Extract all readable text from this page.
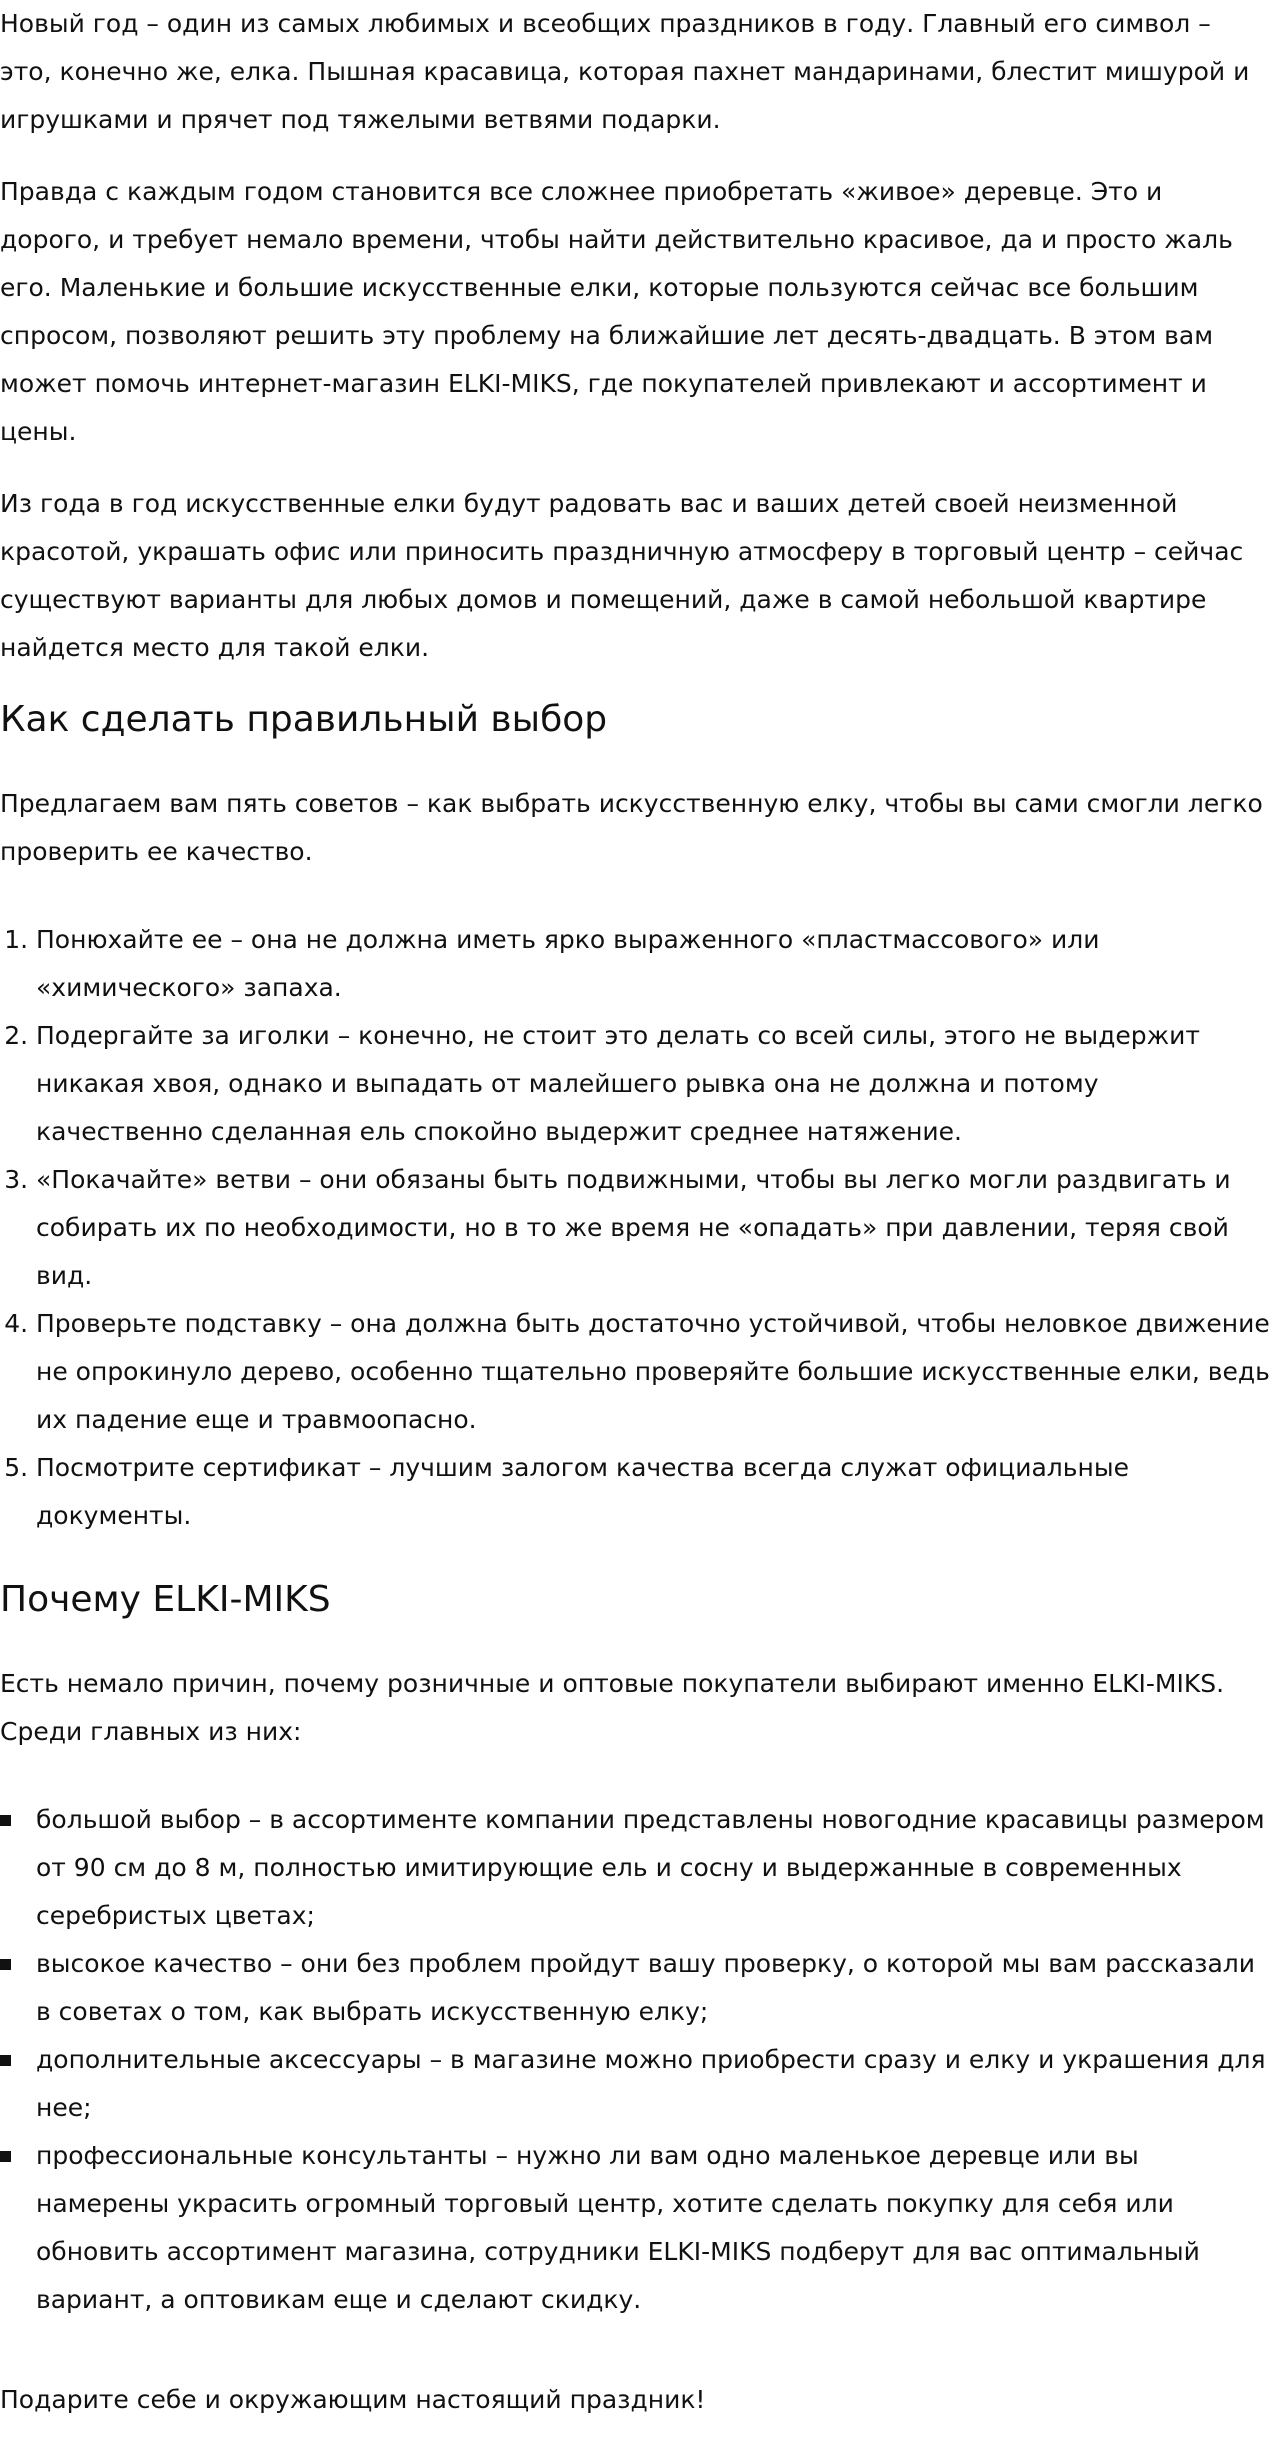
Новый год – один из самых любимых и всеобщих праздников в году. Главный его символ – это, конечно же, елка. Пышная красавица, которая пахнет мандаринами, блестит мишурой и игрушками и прячет под тяжелыми ветвями подарки.

Правда с каждым годом становится все сложнее приобретать «живое» деревце. Это и дорого, и требует немало времени, чтобы найти действительно красивое, да и просто жаль его. Маленькие и большие искусственные елки, которые пользуются сейчас все большим спросом, позволяют решить эту проблему на ближайшие лет десять-двадцать. В этом вам может помочь интернет-магазин ELKI-MIKS, где покупателей привлекают и ассортимент и цены.

Из года в год искусственные елки будут радовать вас и ваших детей своей неизменной красотой, украшать офис или приносить праздничную атмосферу в торговый центр – сейчас существуют варианты для любых домов и помещений, даже в самой небольшой квартире найдется место для такой елки.

Как сделать правильный выбор

Предлагаем вам пять советов – как выбрать искусственную елку, чтобы вы сами смогли легко проверить ее качество.

1. Понюхайте ее – она не должна иметь ярко выраженного «пластмассового» или «химического» запаха.
2. Подергайте за иголки – конечно, не стоит это делать со всей силы, этого не выдержит никакая хвоя, однако и выпадать от малейшего рывка она не должна и потому качественно сделанная ель спокойно выдержит среднее натяжение.
3. «Покачайте» ветви – они обязаны быть подвижными, чтобы вы легко могли раздвигать и собирать их по необходимости, но в то же время не «опадать» при давлении, теряя свой вид.
4. Проверьте подставку – она должна быть достаточно устойчивой, чтобы неловкое движение не опрокинуло дерево, особенно тщательно проверяйте большие искусственные елки, ведь их падение еще и травмоопасно.
5. Посмотрите сертификат – лучшим залогом качества всегда служат официальные документы.
Почему ELKI-MIKS

Есть немало причин, почему розничные и оптовые покупатели выбирают именно ELKI-MIKS. Среди главных из них:

большой выбор – в ассортименте компании представлены новогодние красавицы размером от 90 см до 8 м, полностью имитирующие ель и сосну и выдержанные в современных серебристых цветах;
высокое качество – они без проблем пройдут вашу проверку, о которой мы вам рассказали в советах о том, как выбрать искусственную елку;
дополнительные аксессуары – в магазине можно приобрести сразу и елку и украшения для нее;
профессиональные консультанты – нужно ли вам одно маленькое деревце или вы намерены украсить огромный торговый центр, хотите сделать покупку для себя или обновить ассортимент магазина, сотрудники ELKI-MIKS подберут для вас оптимальный вариант, а оптовикам еще и сделают скидку.

Подарите себе и окружающим настоящий праздник!
